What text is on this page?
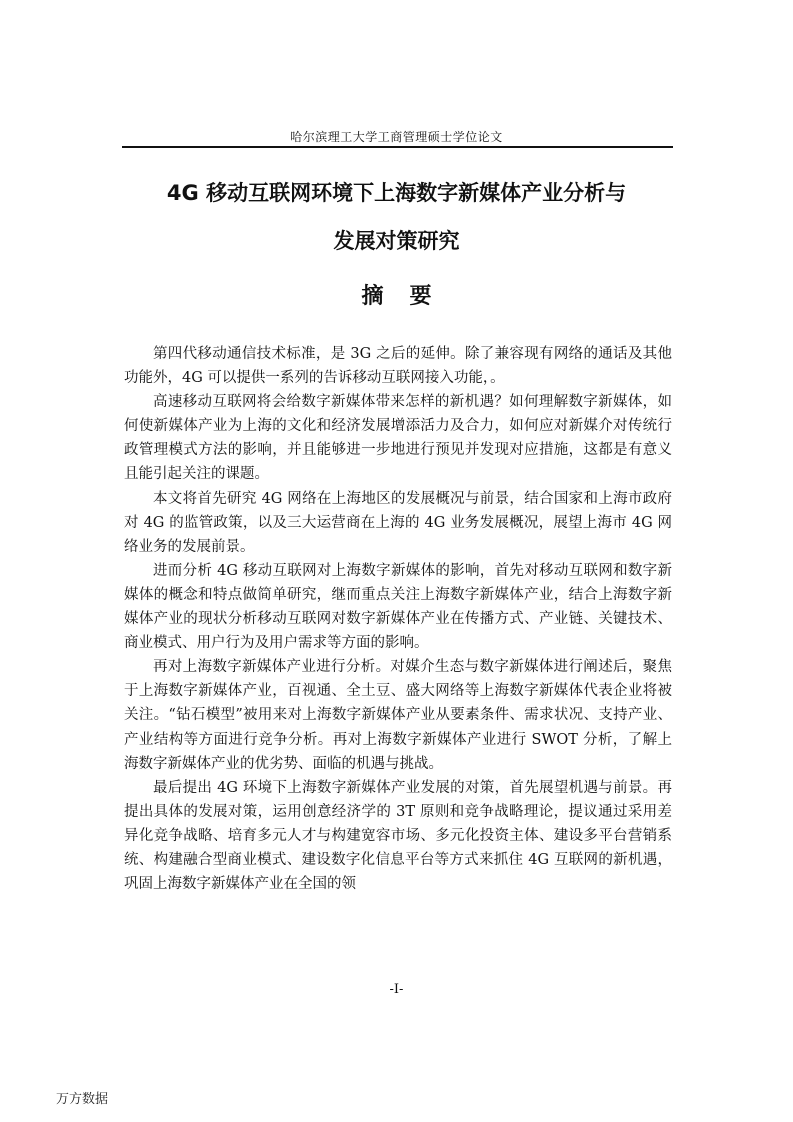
哈尔滨理工大学工商管理硕士学位论文
4G 移动互联网环境下上海数字新媒体产业分析与
发展对策研究
摘要

第四代移动通信技术标准，是 3G 之后的延伸。除了兼容现有网络的通话及其他功能外，4G 可以提供一系列的告诉移动互联网接入功能，。

高速移动互联网将会给数字新媒体带来怎样的新机遇？如何理解数字新媒体，如何使新媒体产业为上海的文化和经济发展增添活力及合力，如何应对新媒介对传统行政管理模式方法的影响，并且能够进一步地进行预见并发现对应措施，这都是有意义且能引起关注的课题。

本文将首先研究 4G 网络在上海地区的发展概况与前景，结合国家和上海市政府对 4G 的监管政策，以及三大运营商在上海的 4G 业务发展概况，展望上海市 4G 网络业务的发展前景。

进而分析 4G 移动互联网对上海数字新媒体的影响，首先对移动互联网和数字新媒体的概念和特点做简单研究，继而重点关注上海数字新媒体产业，结合上海数字新媒体产业的现状分析移动互联网对数字新媒体产业在传播方式、产业链、关键技术、商业模式、用户行为及用户需求等方面的影响。

再对上海数字新媒体产业进行分析。对媒介生态与数字新媒体进行阐述后，聚焦于上海数字新媒体产业，百视通、全土豆、盛大网络等上海数字新媒体代表企业将被关注。“钻石模型”被用来对上海数字新媒体产业从要素条件、需求状况、支持产业、产业结构等方面进行竞争分析。再对上海数字新媒体产业进行 SWOT 分析，了解上海数字新媒体产业的优劣势、面临的机遇与挑战。

最后提出 4G 环境下上海数字新媒体产业发展的对策，首先展望机遇与前景。再提出具体的发展对策，运用创意经济学的 3T 原则和竞争战略理论，提议通过采用差异化竞争战略、培育多元人才与构建宽容市场、多元化投资主体、建设多平台营销系统、构建融合型商业模式、建设数字化信息平台等方式来抓住 4G 互联网的新机遇，巩固上海数字新媒体产业在全国的领

-I-
万方数据
